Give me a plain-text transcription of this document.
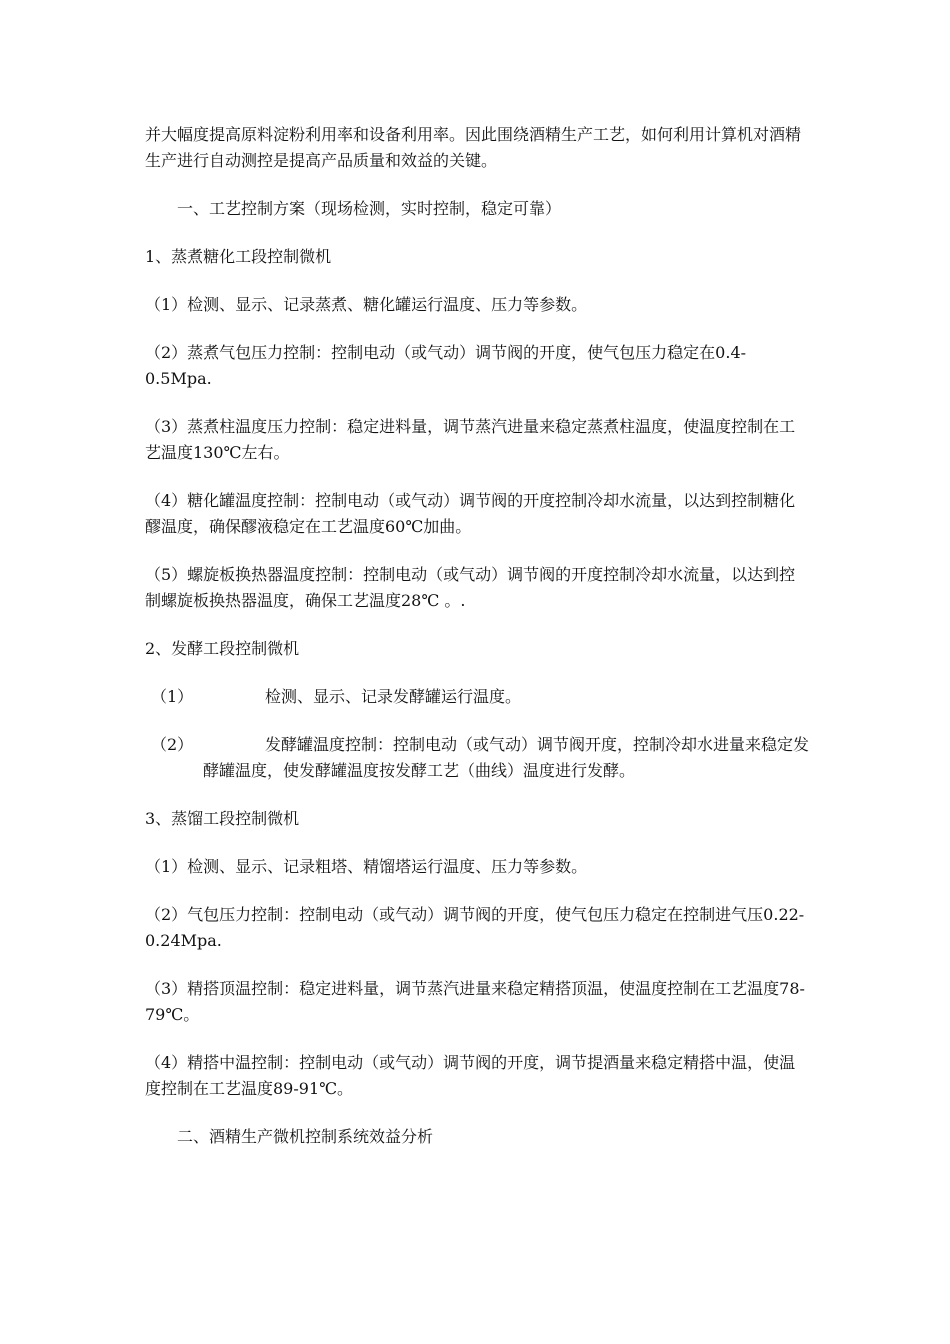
并大幅度提高原料淀粉利用率和设备利用率。因此围绕酒精生产工艺，如何利用计算机对酒精生产进行自动测控是提高产品质量和效益的关键。

一、工艺控制方案（现场检测，实时控制，稳定可靠）

1、蒸煮糖化工段控制微机

（1）检测、显示、记录蒸煮、糖化罐运行温度、压力等参数。

（2）蒸煮气包压力控制：控制电动（或气动）调节阀的开度，使气包压力稳定在0.4-0.5Mpa.

（3）蒸煮柱温度压力控制：稳定进料量，调节蒸汽进量来稳定蒸煮柱温度，使温度控制在工艺温度130℃左右。

（4）糖化罐温度控制：控制电动（或气动）调节阀的开度控制冷却水流量，以达到控制糖化醪温度，确保醪液稳定在工艺温度60℃加曲。

（5）螺旋板换热器温度控制：控制电动（或气动）调节阀的开度控制冷却水流量，以达到控制螺旋板换热器温度，确保工艺温度28℃ 。.

2、发酵工段控制微机

（1）	检测、显示、记录发酵罐运行温度。
（2）	发酵罐温度控制：控制电动（或气动）调节阀开度，控制冷却水进量来稳定发酵罐温度，使发酵罐温度按发酵工艺（曲线）温度进行发酵。

3、蒸馏工段控制微机

（1）检测、显示、记录粗塔、精馏塔运行温度、压力等参数。

（2）气包压力控制：控制电动（或气动）调节阀的开度，使气包压力稳定在控制进气压0.22-0.24Mpa.

（3）精搭顶温控制：稳定进料量，调节蒸汽进量来稳定精搭顶温，使温度控制在工艺温度78-79℃。

（4）精搭中温控制：控制电动（或气动）调节阀的开度，调节提酒量来稳定精搭中温，使温度控制在工艺温度89-91℃。

二、酒精生产微机控制系统效益分析
